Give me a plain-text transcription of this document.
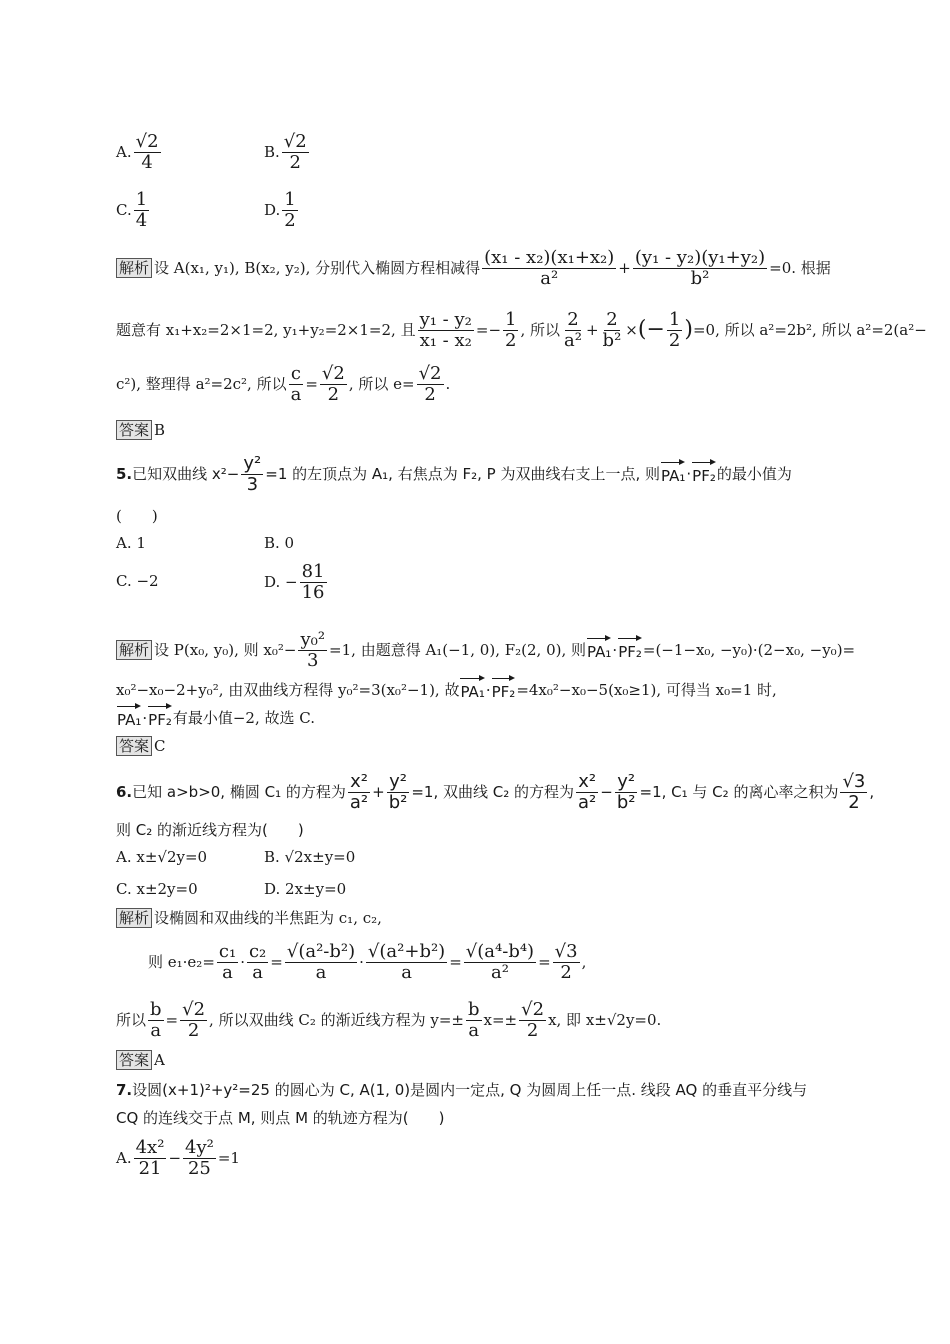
A. $\frac{√2}{4}$	B. $\frac{√2}{2}$
C. $\frac{1}{4}$	D. $\frac{1}{2}$
解析 设 A(x₁, y₁), B(x₂, y₂), 分别代入椭圆方程相减得 $\frac{\text{(x₁ - x₂)(x₁+x₂)}}{\text{a²}} + \frac{\text{(y₁ - y₂)(y₁+y₂)}}{\text{b²}} =0$. 根据
题意有 x₁+x₂=2×1=2, y₁+y₂=2×1=2, 且 $\frac{\text{y₁ - y₂}}{\text{x₁ - x₂}} =- \frac{1}{2}$ , 所以 $\frac{2}{\text{a²}} + \frac{2}{\text{b²}}$ × (− $\frac{1}{2}$ ) =0, 所以 a²=2b², 所以 a²=2(a²−
c²), 整理得 a²=2c², 所以 $\frac{c}{a} = \frac{√2}{2}$ , 所以 $e= \frac{√2}{2}$ .
答案 B
5. 已知双曲线 $x^2- \frac{\text{y²}}{3} =1$ 的左顶点为 A₁, 右焦点为 F₂, P 为双曲线右支上一点, 则 PA₁ · PF₂ 的最小值为
(　　)
A. 1	B. 0
C. −2	D. − $\frac{81}{16}$
解析 设 P(x₀, y₀), 则 $x_0^2- \frac{\text{y₀²}}{3} =1$, 由题意得 A₁(−1, 0), F₂(2, 0), 则 PA₁ · PF₂ =(−1−x₀, −y₀)·(2−x₀, −y₀)=
x₀²−x₀−2+y₀², 由双曲线方程得 y₀²=3(x₀²−1), 故 PA₁ · PF₂ =4x₀²−x₀−5(x₀≥1), 可得当 x₀=1 时,
PA₁ · PF₂ 有最小值−2, 故选 C.
答案 C
6. 已知 a>b>0, 椭圆 C₁ 的方程为 $\frac{\text{x²}}{\text{a²}} + \frac{\text{y²}}{\text{b²}} =1$, 双曲线 C₂ 的方程为 $\frac{\text{x²}}{\text{a²}} - \frac{\text{y²}}{\text{b²}} =1$, C₁ 与 C₂ 的离心率之积为 $\frac{√3}{2}$ ,
则 C₂ 的渐近线方程为(　　)
A. x±√2y=0	B. √2x±y=0
C. x±2y=0	D. 2x±y=0
解析 设椭圆和双曲线的半焦距为 c₁, c₂,
则 $e_1\cdot e_2= \frac{\text{c₁}}{a} \cdot \frac{\text{c₂}}{a} = \frac{\text{√(a²-b²)}}{a} \cdot \frac{\text{√(a²+b²)}}{a} = \frac{\text{√(a⁴-b⁴)}}{\text{a²}} = \frac{√3}{2}$ ,
所以 $\frac{b}{a} = \frac{√2}{2}$ , 所以双曲线 C₂ 的渐近线方程为 $y=\pm \frac{b}{a} x=\pm \frac{√2}{2} x$, 即 x±√2y=0.
答案 A
7. 设圆(x+1)²+y²=25 的圆心为 C, A(1, 0)是圆内一定点, Q 为圆周上任一点. 线段 AQ 的垂直平分线与
CQ 的连线交于点 M, 则点 M 的轨迹方程为(　　)
A. $\frac{\text{4x²}}{21} - \frac{\text{4y²}}{25} =1$
